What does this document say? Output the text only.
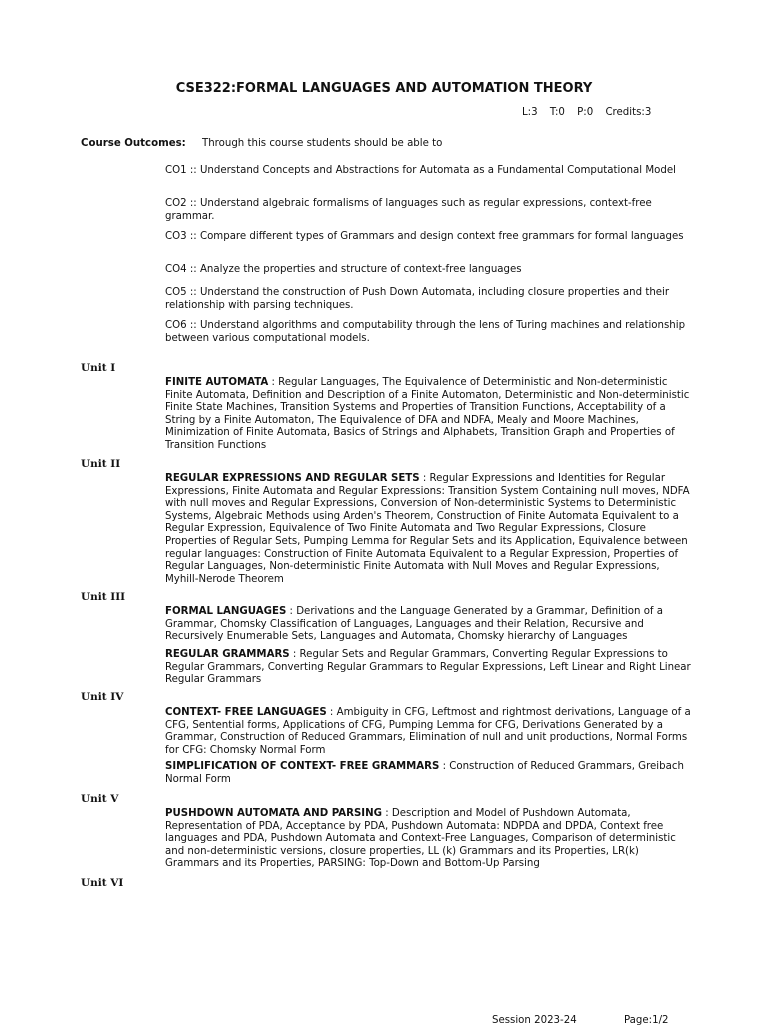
CSE322:FORMAL LANGUAGES AND AUTOMATION THEORY
L:3 T:0 P:0 Credits:3
Course Outcomes: Through this course students should be able to
CO1 :: Understand Concepts and Abstractions for Automata as a Fundamental Computational Model
CO2 :: Understand algebraic formalisms of languages such as regular expressions, context-free grammar.
CO3 :: Compare different types of Grammars and design context free grammars for formal languages
CO4 :: Analyze the properties and structure of context-free languages
CO5 :: Understand the construction of Push Down Automata, including closure properties and their relationship with parsing techniques.
CO6 :: Understand algorithms and computability through the lens of Turing machines and relationship between various computational models.
Unit I
FINITE AUTOMATA : Regular Languages, The Equivalence of Deterministic and Non-deterministic Finite Automata, Definition and Description of a Finite Automaton, Deterministic and Non-deterministic Finite State Machines, Transition Systems and Properties of Transition Functions, Acceptability of a String by a Finite Automaton, The Equivalence of DFA and NDFA, Mealy and Moore Machines, Minimization of Finite Automata, Basics of Strings and Alphabets, Transition Graph and Properties of Transition Functions
Unit II
REGULAR EXPRESSIONS AND REGULAR SETS : Regular Expressions and Identities for Regular Expressions, Finite Automata and Regular Expressions: Transition System Containing null moves, NDFA with null moves and Regular Expressions, Conversion of Non-deterministic Systems to Deterministic Systems, Algebraic Methods using Arden's Theorem, Construction of Finite Automata Equivalent to a Regular Expression, Equivalence of Two Finite Automata and Two Regular Expressions, Closure Properties of Regular Sets, Pumping Lemma for Regular Sets and its Application, Equivalence between regular languages: Construction of Finite Automata Equivalent to a Regular Expression, Properties of Regular Languages, Non-deterministic Finite Automata with Null Moves and Regular Expressions, Myhill-Nerode Theorem
Unit III
FORMAL LANGUAGES : Derivations and the Language Generated by a Grammar, Definition of a Grammar, Chomsky Classification of Languages, Languages and their Relation, Recursive and Recursively Enumerable Sets, Languages and Automata, Chomsky hierarchy of Languages
REGULAR GRAMMARS : Regular Sets and Regular Grammars, Converting Regular Expressions to Regular Grammars, Converting Regular Grammars to Regular Expressions, Left Linear and Right Linear Regular Grammars
Unit IV
CONTEXT- FREE LANGUAGES : Ambiguity in CFG, Leftmost and rightmost derivations, Language of a CFG, Sentential forms, Applications of CFG, Pumping Lemma for CFG, Derivations Generated by a Grammar, Construction of Reduced Grammars, Elimination of null and unit productions, Normal Forms for CFG: Chomsky Normal Form
SIMPLIFICATION OF CONTEXT- FREE GRAMMARS : Construction of Reduced Grammars, Greibach Normal Form
Unit V
PUSHDOWN AUTOMATA AND PARSING : Description and Model of Pushdown Automata, Representation of PDA, Acceptance by PDA, Pushdown Automata: NDPDA and DPDA, Context free languages and PDA, Pushdown Automata and Context-Free Languages, Comparison of deterministic and non-deterministic versions, closure properties, LL (k) Grammars and its Properties, LR(k) Grammars and its Properties, PARSING: Top-Down and Bottom-Up Parsing
Unit VI
Session 2023-24	Page:1/2
